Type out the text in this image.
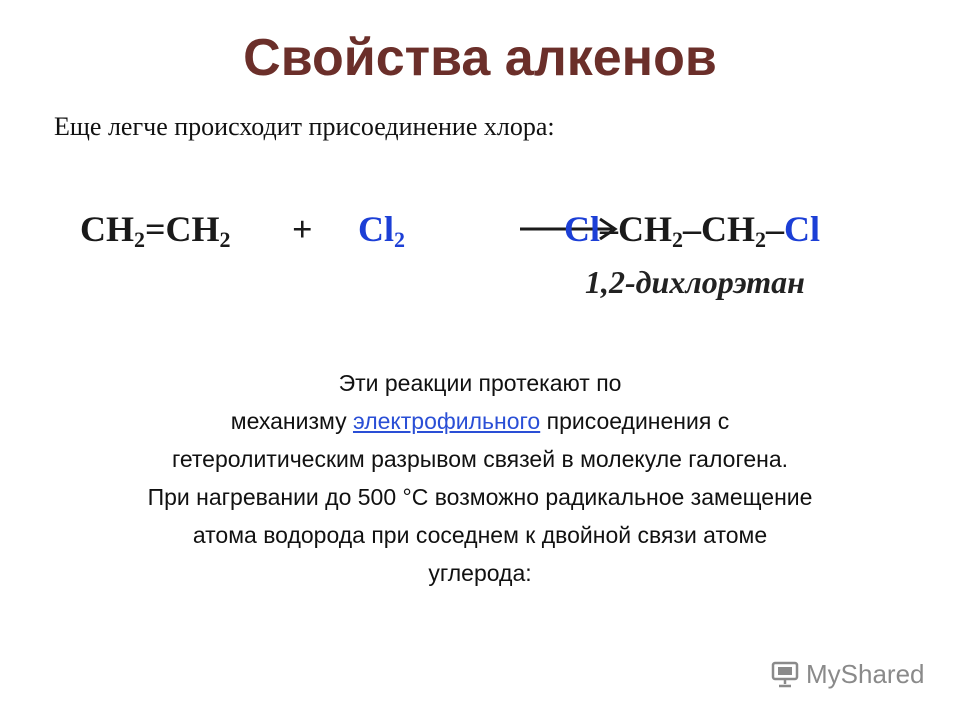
Свойства алкенов
Еще легче происходит присоединение хлора:
$CH_2=CH_2 + Cl_2$	$Cl-CH_2-CH_2-Cl$
1,2-дихлорэтан
Эти реакции протекают по
механизму электрофильного присоединения с
гетеролитическим разрывом связей в молекуле галогена.
При нагревании до 500 °С возможно радикальное замещение
атома водорода при соседнем к двойной связи атоме
углерода:
MyShared
